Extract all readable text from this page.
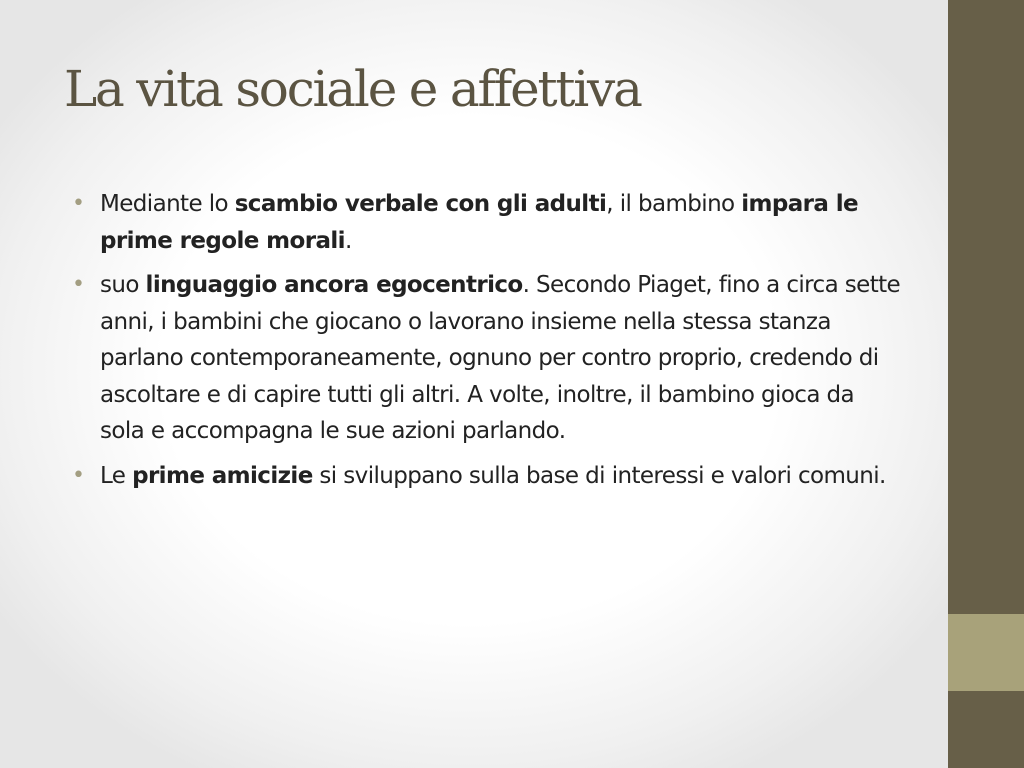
La vita sociale e affettiva
• Mediante lo scambio verbale con gli adulti, il bambino impara le prime regole morali.
• suo linguaggio ancora egocentrico. Secondo Piaget, fino a circa sette anni, i bambini che giocano o lavorano insieme nella stessa stanza parlano contemporaneamente, ognuno per contro proprio, credendo di ascoltare e di capire tutti gli altri. A volte, inoltre, il bambino gioca da sola e accompagna le sue azioni parlando.
• Le prime amicizie si sviluppano sulla base di interessi e valori comuni.
